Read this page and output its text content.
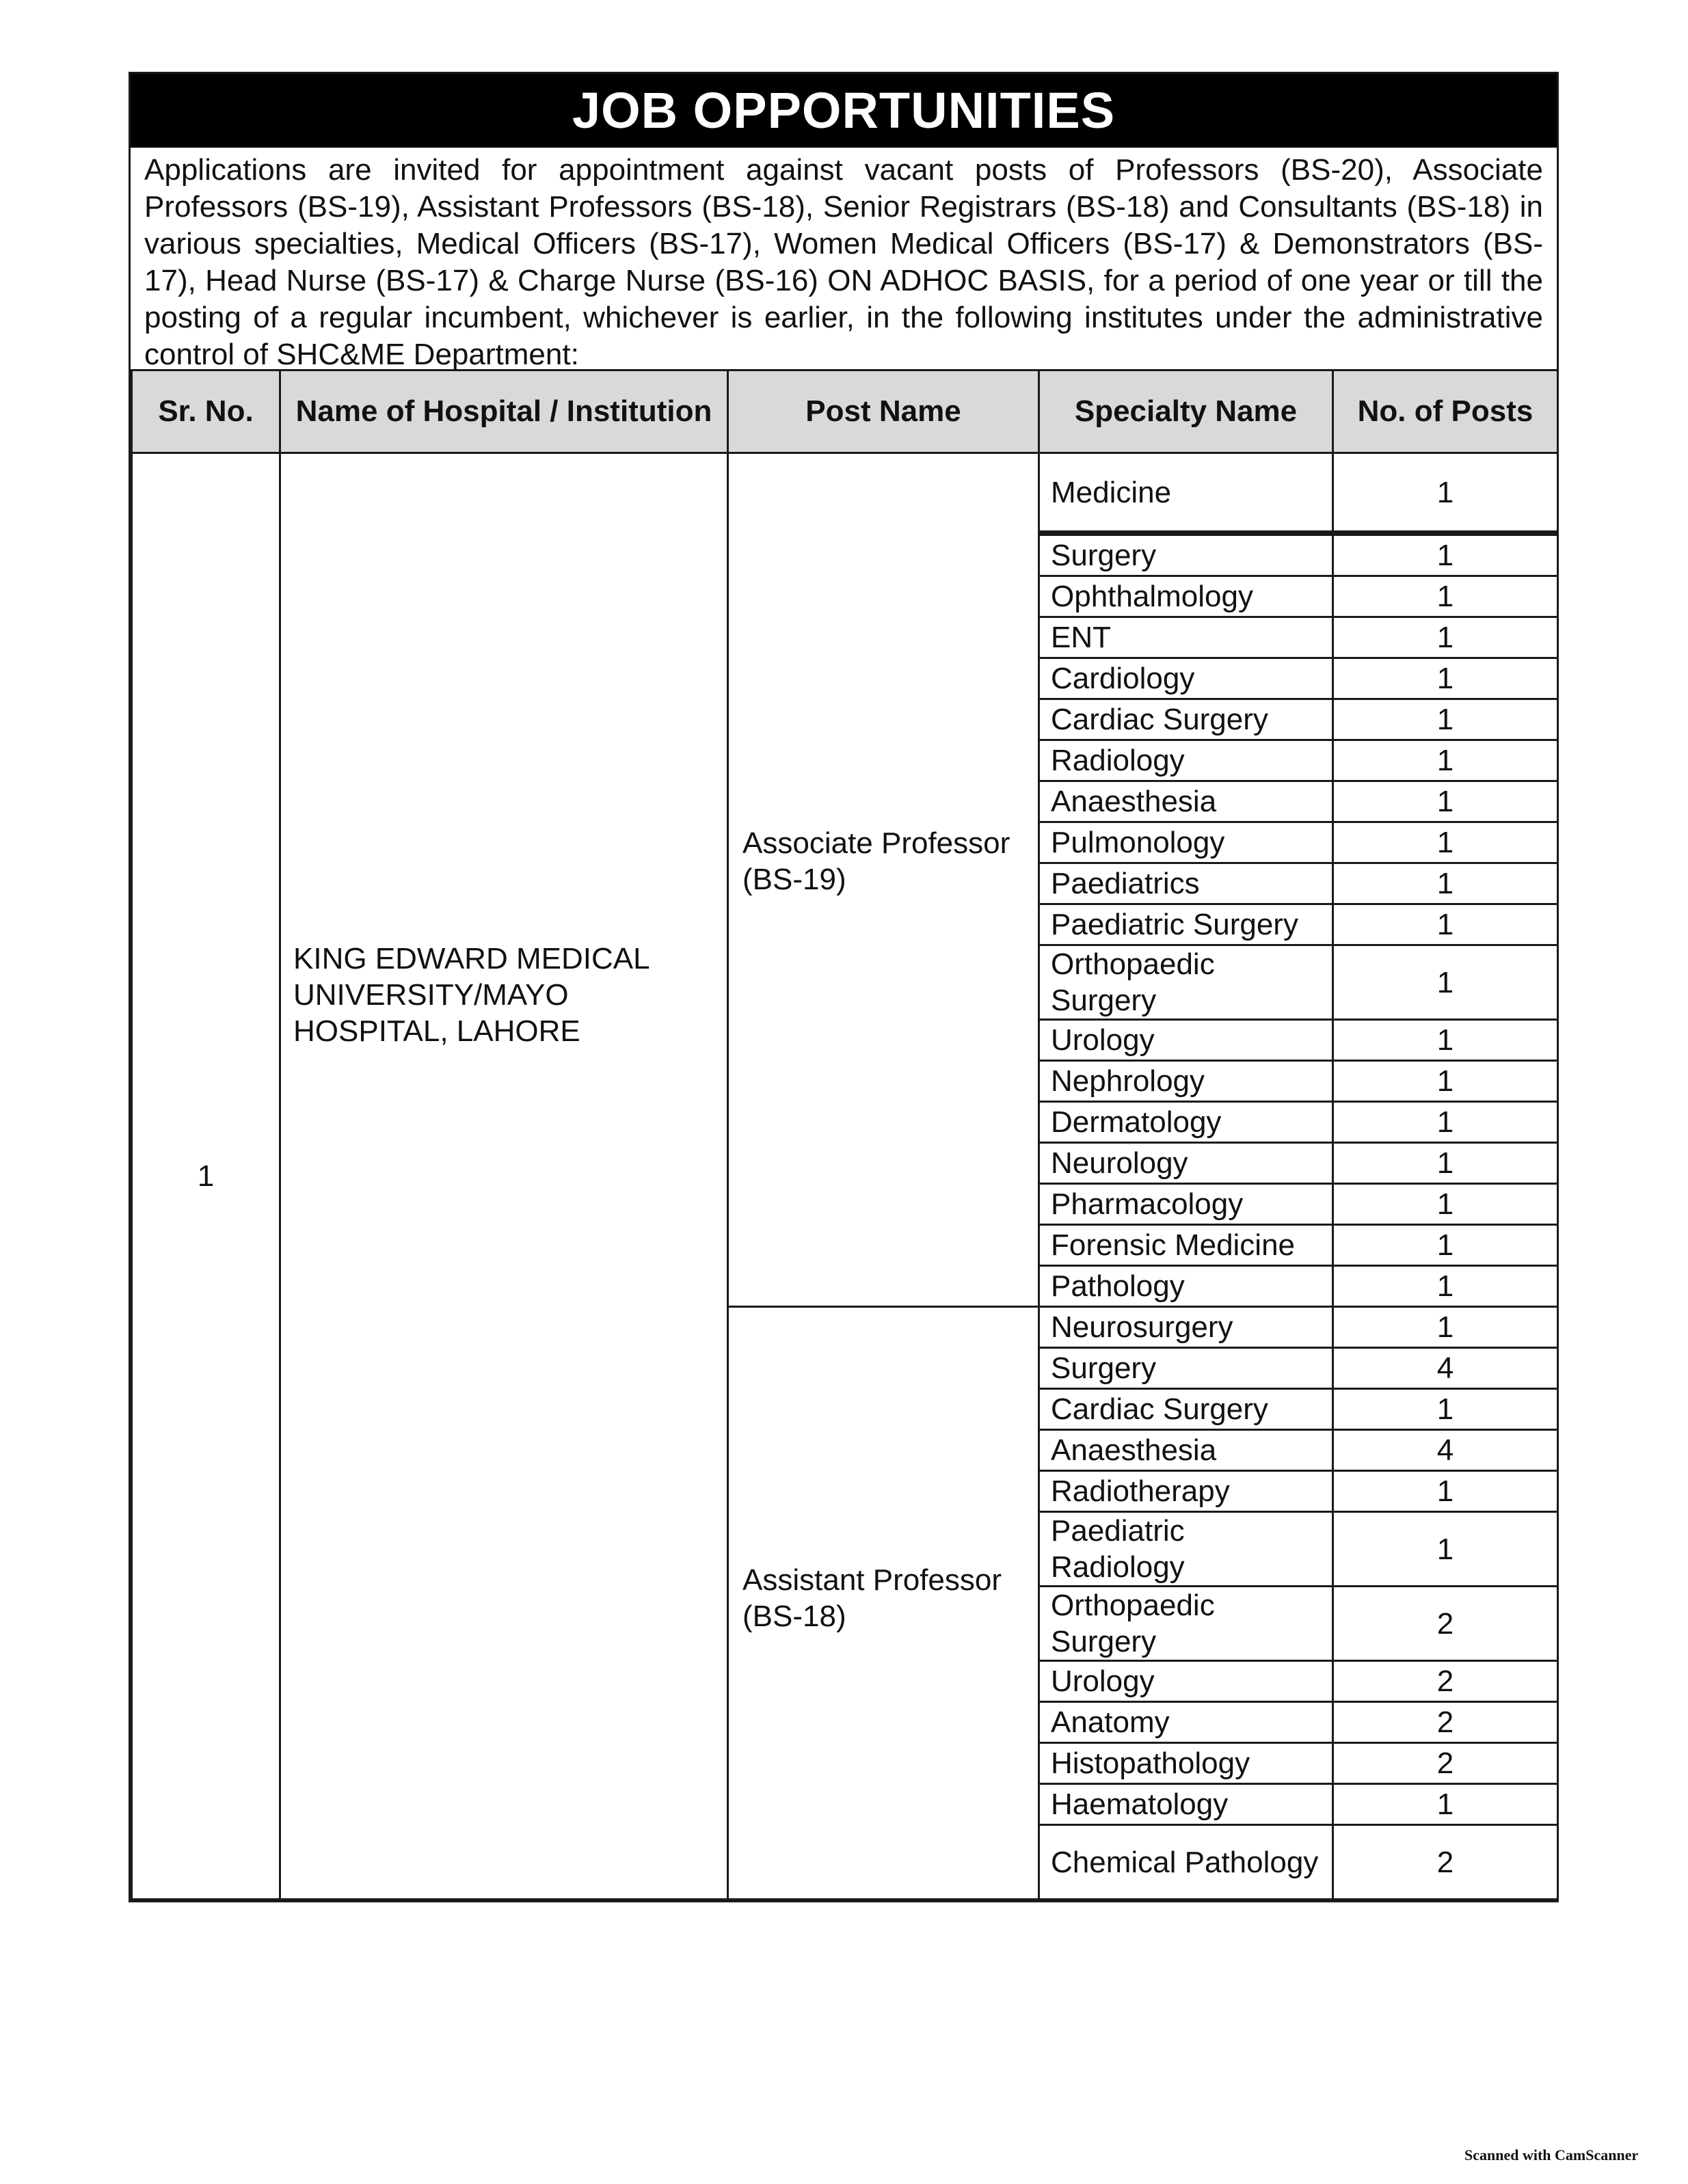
JOB OPPORTUNITIES
Applications are invited for appointment against vacant posts of Professors (BS-20), Associate Professors (BS-19), Assistant Professors (BS-18), Senior Registrars (BS-18) and Consultants (BS-18) in various specialties, Medical Officers (BS-17), Women Medical Officers (BS-17) & Demonstrators (BS-17), Head Nurse (BS-17) & Charge Nurse (BS-16) ON ADHOC BASIS, for a period of one year or till the posting of a regular incumbent, whichever is earlier, in the following institutes under the administrative control of SHC&ME Department:
Sr. No.	Name of Hospital / Institution	Post Name	Specialty Name	No. of Posts
1	KING EDWARD MEDICAL UNIVERSITY/MAYO HOSPITAL, LAHORE	Associate Professor (BS-19)	Medicine	1
			Surgery	1
			Ophthalmology	1
			ENT	1
			Cardiology	1
			Cardiac Surgery	1
			Radiology	1
			Anaesthesia	1
			Pulmonology	1
			Paediatrics	1
			Paediatric Surgery	1
			Orthopaedic Surgery	1
			Urology	1
			Nephrology	1
			Dermatology	1
			Neurology	1
			Pharmacology	1
			Forensic Medicine	1
			Pathology	1
		Assistant Professor (BS-18)	Neurosurgery	1
			Surgery	4
			Cardiac Surgery	1
			Anaesthesia	4
			Radiotherapy	1
			Paediatric Radiology	1
			Orthopaedic Surgery	2
			Urology	2
			Anatomy	2
			Histopathology	2
			Haematology	1
			Chemical Pathology	2
Scanned with CamScanner
